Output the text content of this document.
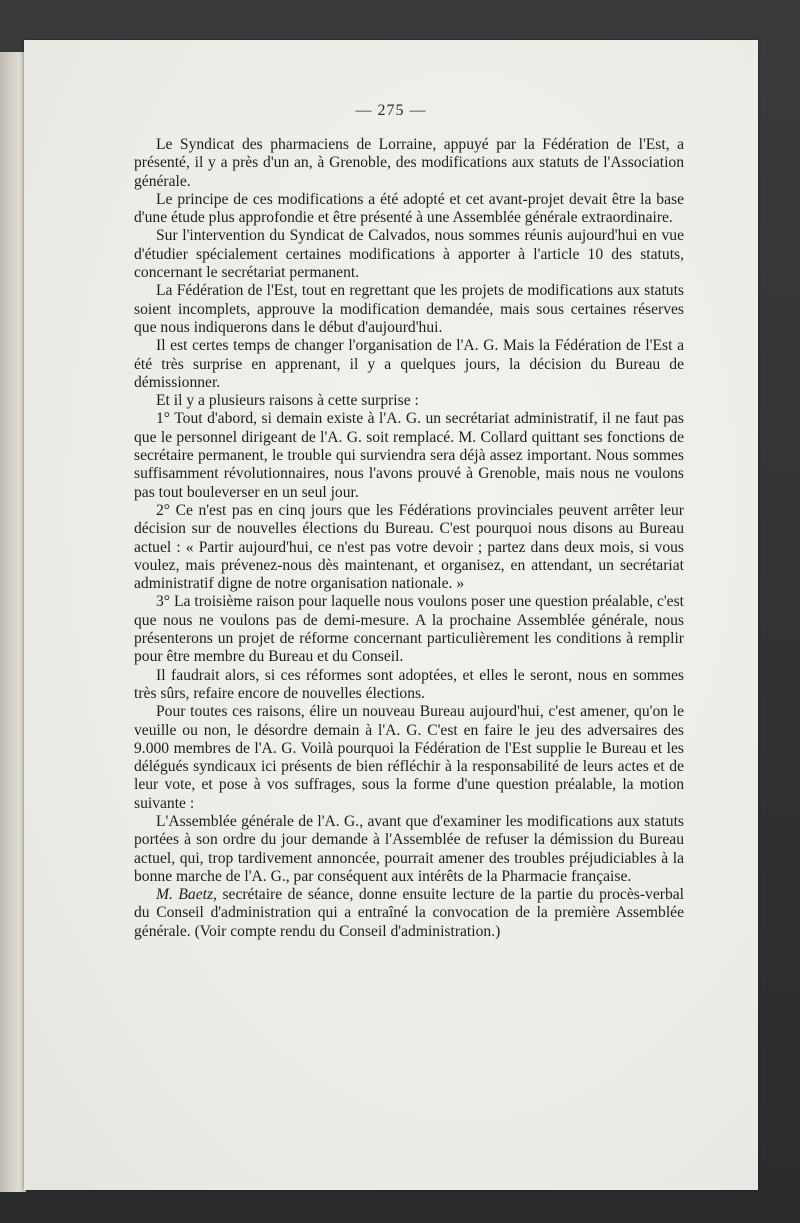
— 275 —

Le Syndicat des pharmaciens de Lorraine, appuyé par la Fédération de l'Est, a présenté, il y a près d'un an, à Grenoble, des modifications aux statuts de l'Association générale.

Le principe de ces modifications a été adopté et cet avant-projet devait être la base d'une étude plus approfondie et être présenté à une Assemblée générale extraordinaire.

Sur l'intervention du Syndicat de Calvados, nous sommes réunis aujourd'hui en vue d'étudier spécialement certaines modifications à apporter à l'article 10 des statuts, concernant le secrétariat permanent.

La Fédération de l'Est, tout en regrettant que les projets de modifications aux statuts soient incomplets, approuve la modification demandée, mais sous certaines réserves que nous indiquerons dans le début d'aujourd'hui.

Il est certes temps de changer l'organisation de l'A. G. Mais la Fédération de l'Est a été très surprise en apprenant, il y a quelques jours, la décision du Bureau de démissionner.

Et il y a plusieurs raisons à cette surprise :

1° Tout d'abord, si demain existe à l'A. G. un secrétariat administratif, il ne faut pas que le personnel dirigeant de l'A. G. soit remplacé. M. Collard quittant ses fonctions de secrétaire permanent, le trouble qui surviendra sera déjà assez important. Nous sommes suffisamment révolutionnaires, nous l'avons prouvé à Grenoble, mais nous ne voulons pas tout bouleverser en un seul jour.

2° Ce n'est pas en cinq jours que les Fédérations provinciales peuvent arrêter leur décision sur de nouvelles élections du Bureau. C'est pourquoi nous disons au Bureau actuel : « Partir aujourd'hui, ce n'est pas votre devoir ; partez dans deux mois, si vous voulez, mais prévenez-nous dès maintenant, et organisez, en attendant, un secrétariat administratif digne de notre organisation nationale. »

3° La troisième raison pour laquelle nous voulons poser une question préalable, c'est que nous ne voulons pas de demi-mesure. A la prochaine Assemblée générale, nous présenterons un projet de réforme concernant particulièrement les conditions à remplir pour être membre du Bureau et du Conseil.

Il faudrait alors, si ces réformes sont adoptées, et elles le seront, nous en sommes très sûrs, refaire encore de nouvelles élections.

Pour toutes ces raisons, élire un nouveau Bureau aujourd'hui, c'est amener, qu'on le veuille ou non, le désordre demain à l'A. G. C'est en faire le jeu des adversaires des 9.000 membres de l'A. G. Voilà pourquoi la Fédération de l'Est supplie le Bureau et les délégués syndicaux ici présents de bien réfléchir à la responsabilité de leurs actes et de leur vote, et pose à vos suffrages, sous la forme d'une question préalable, la motion suivante :

L'Assemblée générale de l'A. G., avant que d'examiner les modifications aux statuts portées à son ordre du jour demande à l'Assemblée de refuser la démission du Bureau actuel, qui, trop tardivement annoncée, pourrait amener des troubles préjudiciables à la bonne marche de l'A. G., par conséquent aux intérêts de la Pharmacie française.

M. Baetz, secrétaire de séance, donne ensuite lecture de la partie du procès-verbal du Conseil d'administration qui a entraîné la convocation de la première Assemblée générale. (Voir compte rendu du Conseil d'administration.)
